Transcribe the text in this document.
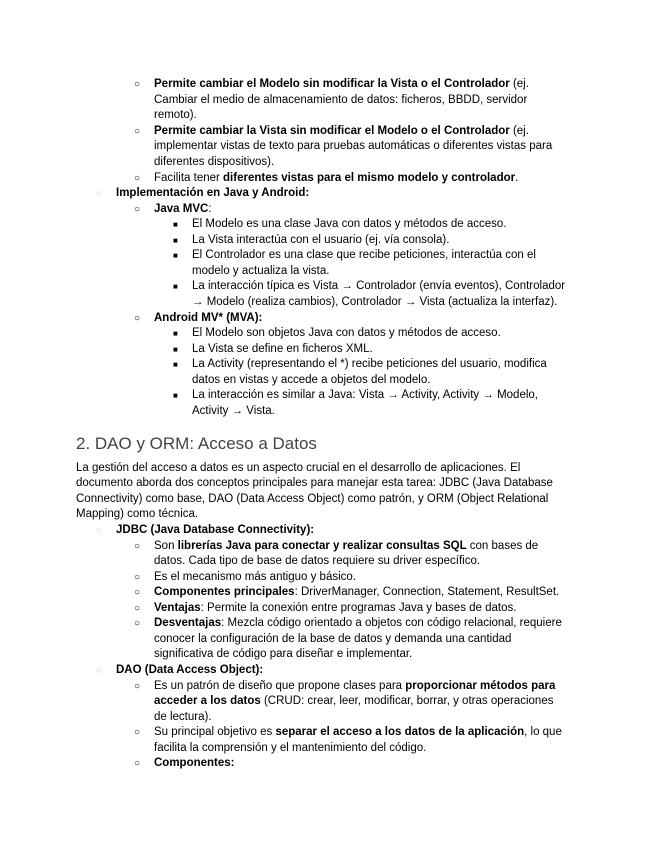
○ Permite cambiar el Modelo sin modificar la Vista o el Controlador (ej.
Cambiar el medio de almacenamiento de datos: ficheros, BBDD, servidor
remoto).
○ Permite cambiar la Vista sin modificar el Modelo o el Controlador (ej.
implementar vistas de texto para pruebas automáticas o diferentes vistas para
diferentes dispositivos).
○ Facilita tener diferentes vistas para el mismo modelo y controlador.
○ Implementación en Java y Android:
○ Java MVC:
■ El Modelo es una clase Java con datos y métodos de acceso.
■ La Vista interactúa con el usuario (ej. vía consola).
■ El Controlador es una clase que recibe peticiones, interactúa con el
modelo y actualiza la vista.
■ La interacción típica es Vista → Controlador (envía eventos), Controlador
→ Modelo (realiza cambios), Controlador → Vista (actualiza la interfaz).
○ Android MV* (MVA):
■ El Modelo son objetos Java con datos y métodos de acceso.
■ La Vista se define en ficheros XML.
■ La Activity (representando el *) recibe peticiones del usuario, modifica
datos en vistas y accede a objetos del modelo.
■ La interacción es similar a Java: Vista → Activity, Activity → Modelo,
Activity → Vista.
2. DAO y ORM: Acceso a Datos
La gestión del acceso a datos es un aspecto crucial en el desarrollo de aplicaciones. El
documento aborda dos conceptos principales para manejar esta tarea: JDBC (Java Database
Connectivity) como base, DAO (Data Access Object) como patrón, y ORM (Object Relational
Mapping) como técnica.
○ JDBC (Java Database Connectivity):
○ Son librerías Java para conectar y realizar consultas SQL con bases de
datos. Cada tipo de base de datos requiere su driver específico.
○ Es el mecanismo más antiguo y básico.
○ Componentes principales: DriverManager, Connection, Statement, ResultSet.
○ Ventajas: Permite la conexión entre programas Java y bases de datos.
○ Desventajas: Mezcla código orientado a objetos con código relacional, requiere
conocer la configuración de la base de datos y demanda una cantidad
significativa de código para diseñar e implementar.
○ DAO (Data Access Object):
○ Es un patrón de diseño que propone clases para proporcionar métodos para
acceder a los datos (CRUD: crear, leer, modificar, borrar, y otras operaciones
de lectura).
○ Su principal objetivo es separar el acceso a los datos de la aplicación, lo que
facilita la comprensión y el mantenimiento del código.
○ Componentes:
